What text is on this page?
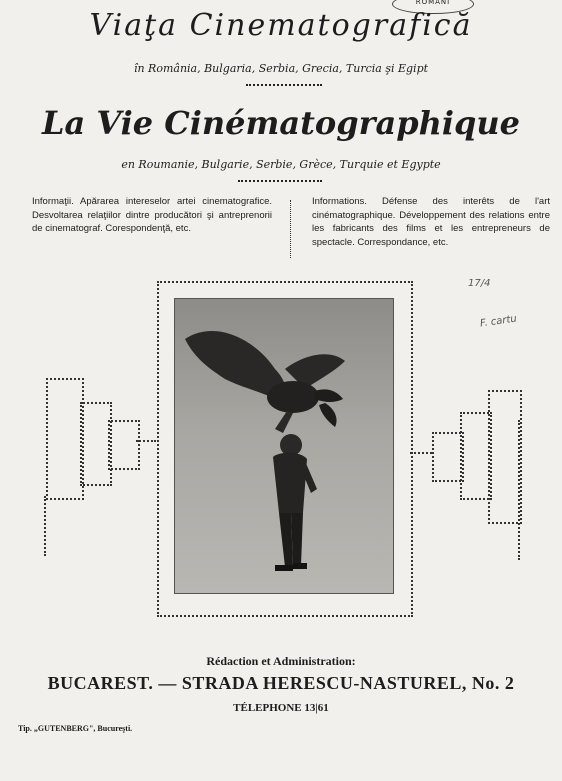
ROMANI
Viaţa Cinematografică
în România, Bulgaria, Serbia, Grecia, Turcia şi Egipt
La Vie Cinématographique
en Roumanie, Bulgarie, Serbie, Grèce, Turquie et Egypte
Informaţii. Apărarea intereselor artei cinematografice. Desvoltarea relaţiilor dintre producători şi antreprenorii de cinematograf. Corespondenţă, etc.
Informations. Défense des interêts de l'art cinématographique. Développement des relations entre les fabricants des films et les entrepreneurs de spectacle. Correspondance, etc.
17/4
F. cartu
Rédaction et Administration:
BUCAREST. — STRADA HERESCU-NASTUREL, No. 2
TÉLEPHONE 13|61
Tip. „GUTENBERG", Bucureşti.
